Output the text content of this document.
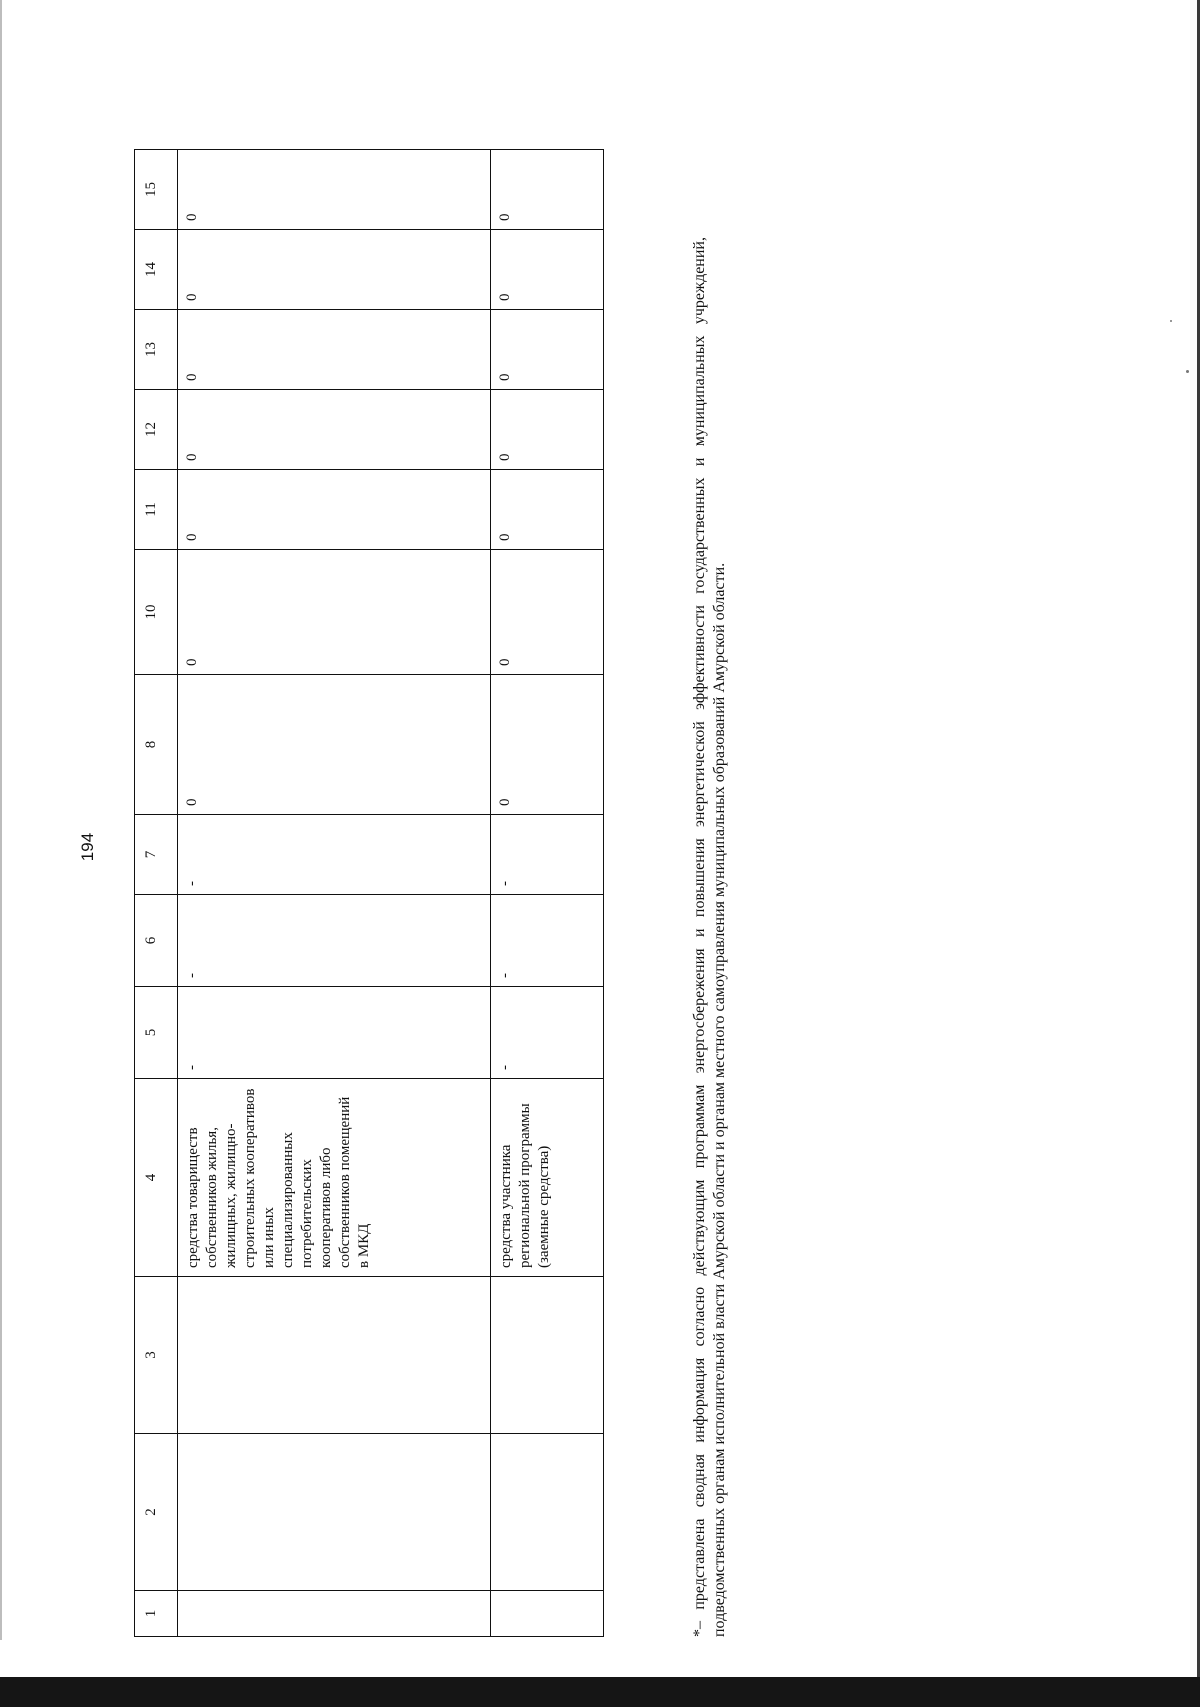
194
1	2	3	4	5	6	7	8	10	11	12	13	14	15
			средства товариществ собственников жилья, жилищных, жилищно-строительных кооперативов или иных специализированных потребительских кооперативов либо собственников помещений в МКД	-	-	-	0	0	0	0	0	0	0
			средства участника региональной программы (заемные средства)	-	-	-	0	0	0	0	0	0	0
*– представлена сводная информация согласно действующим программам энергосбережения и повышения энергетической эффективности государственных и муниципальных учреждений, подведомственных органам исполнительной власти Амурской области и органам местного самоуправления муниципальных образований Амурской области.
